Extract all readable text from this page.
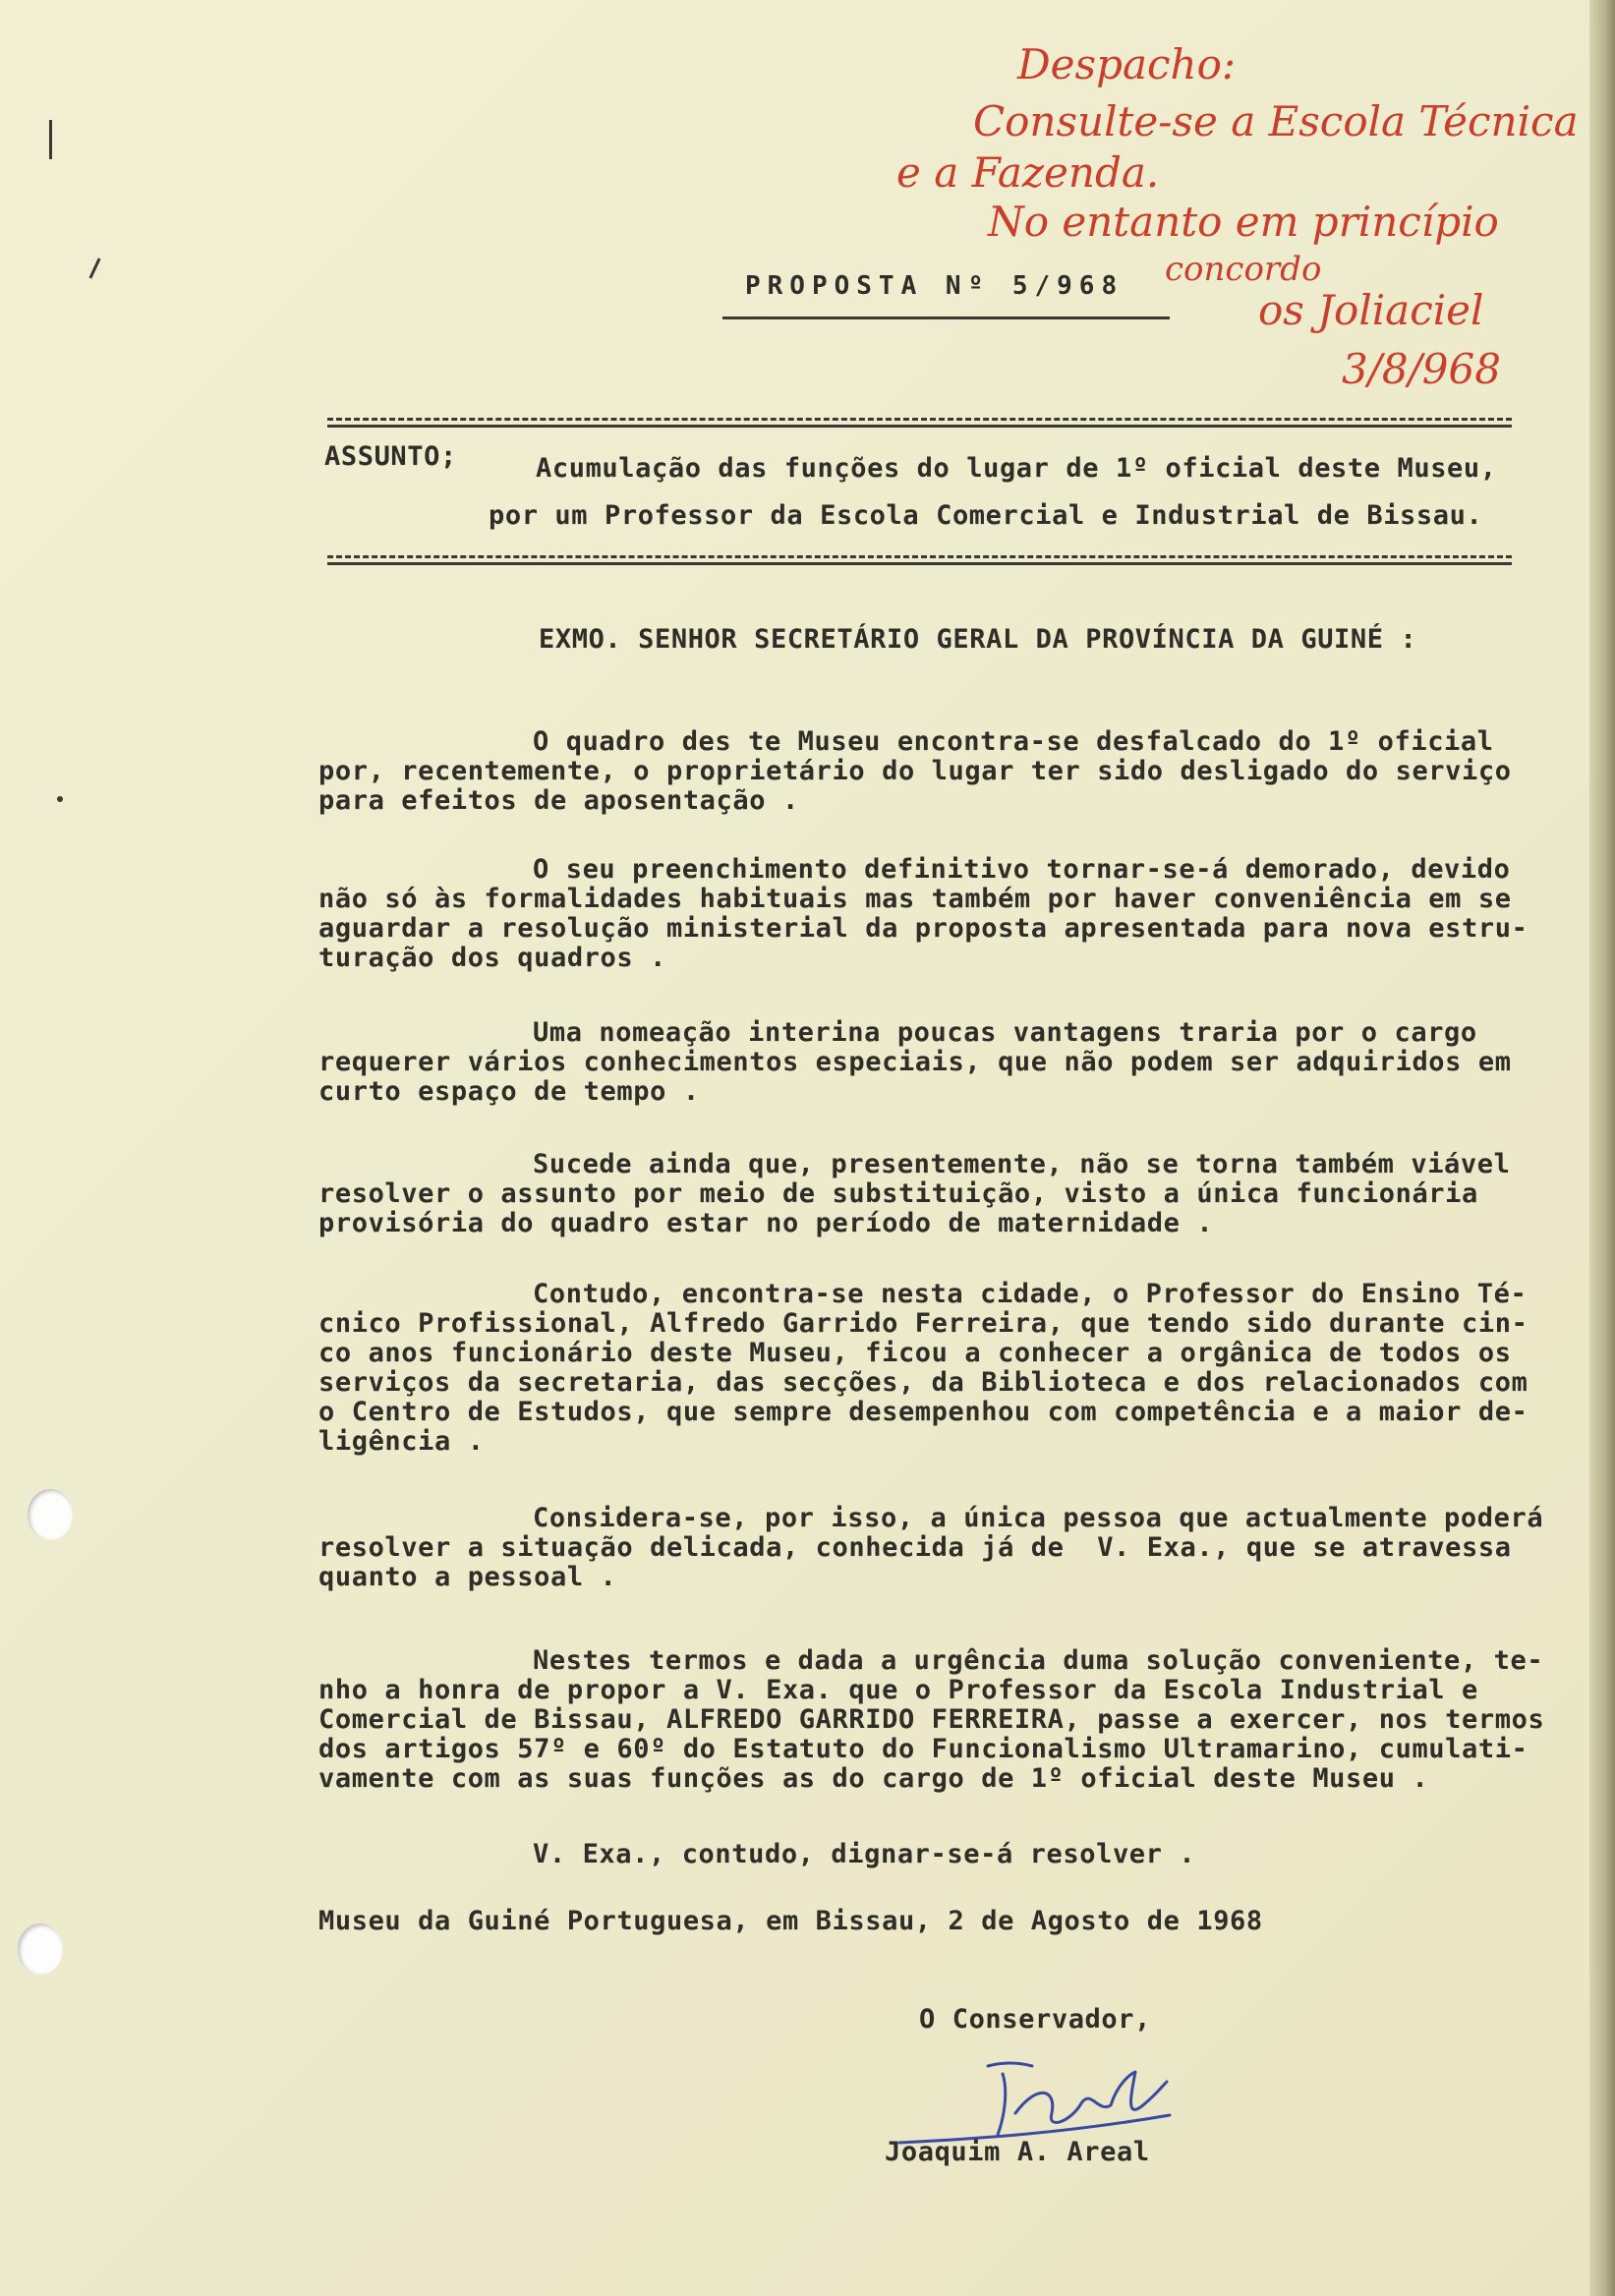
Despacho:

Consulte-se a Escola Técnica

e a Fazenda.

No entanto em princípio

concordo

os Joliaciel

3/8/968

PROPOSTA Nº 5/968

ASSUNTO;	Acumulação das funções do lugar de 1º oficial deste Museu,

por um Professor da Escola Comercial e Industrial de Bissau.

EXMO. SENHOR SECRETÁRIO GERAL DA PROVÍNCIA DA GUINÉ :

O quadro des te Museu encontra-se desfalcado do 1º oficial

por, recentemente, o proprietário do lugar ter sido desligado do serviço

para efeitos de aposentação .

O seu preenchimento definitivo tornar-se-á demorado, devido

não só às formalidades habituais mas também por haver conveniência em se

aguardar a resolução ministerial da proposta apresentada para nova estru-

turação dos quadros .

Uma nomeação interina poucas vantagens traria por o cargo

requerer vários conhecimentos especiais, que não podem ser adquiridos em

curto espaço de tempo .

Sucede ainda que, presentemente, não se torna também viável

resolver o assunto por meio de substituição, visto a única funcionária

provisória do quadro estar no período de maternidade .

Contudo, encontra-se nesta cidade, o Professor do Ensino Té-

cnico Profissional, Alfredo Garrido Ferreira, que tendo sido durante cin-

co anos funcionário deste Museu, ficou a conhecer a orgânica de todos os

serviços da secretaria, das secções, da Biblioteca e dos relacionados com

o Centro de Estudos, que sempre desempenhou com competência e a maior de-

ligência .

Considera-se, por isso, a única pessoa que actualmente poderá

resolver a situação delicada, conhecida já de  V. Exa., que se atravessa

quanto a pessoal .

Nestes termos e dada a urgência duma solução conveniente, te-

nho a honra de propor a V. Exa. que o Professor da Escola Industrial e

Comercial de Bissau, ALFREDO GARRIDO FERREIRA, passe a exercer, nos termos

dos artigos 57º e 60º do Estatuto do Funcionalismo Ultramarino, cumulati-

vamente com as suas funções as do cargo de 1º oficial deste Museu .

V. Exa., contudo, dignar-se-á resolver .

Museu da Guiné Portuguesa, em Bissau, 2 de Agosto de 1968

O Conservador,

Joaquim A. Areal
